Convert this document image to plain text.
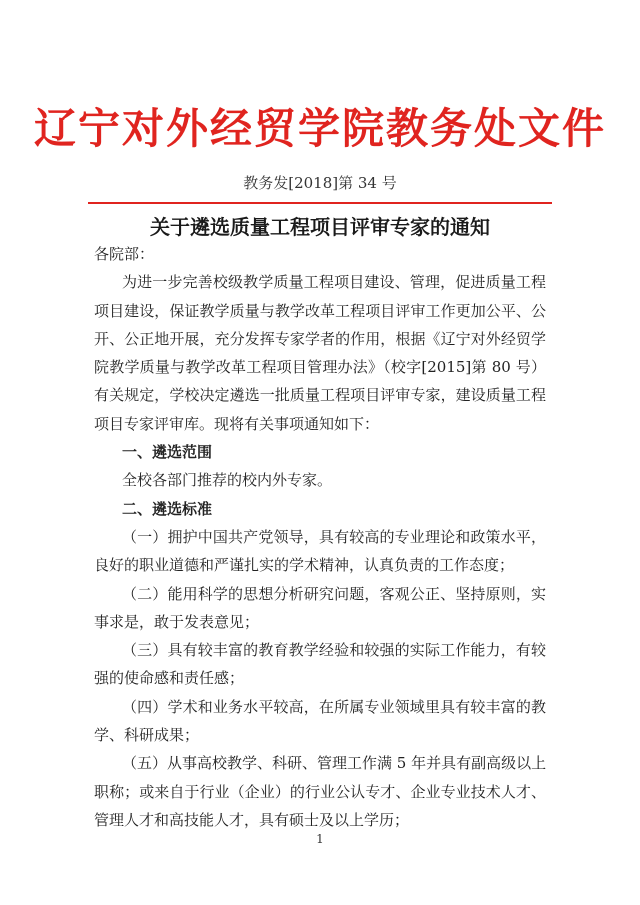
辽宁对外经贸学院教务处文件
教务发[2018]第 34 号
关于遴选质量工程项目评审专家的通知
各院部：
为进一步完善校级教学质量工程项目建设、管理，促进质量工程
项目建设，保证教学质量与教学改革工程项目评审工作更加公平、公
开、公正地开展，充分发挥专家学者的作用，根据《辽宁对外经贸学
院教学质量与教学改革工程项目管理办法》（校字[2015]第 80 号）
有关规定，学校决定遴选一批质量工程项目评审专家，建设质量工程
项目专家评审库。现将有关事项通知如下：
一、遴选范围
全校各部门推荐的校内外专家。
二、遴选标准
（一）拥护中国共产党领导，具有较高的专业理论和政策水平，
良好的职业道德和严谨扎实的学术精神，认真负责的工作态度；
（二）能用科学的思想分析研究问题，客观公正、坚持原则，实
事求是，敢于发表意见；
（三）具有较丰富的教育教学经验和较强的实际工作能力，有较
强的使命感和责任感；
（四）学术和业务水平较高，在所属专业领域里具有较丰富的教
学、科研成果；
（五）从事高校教学、科研、管理工作满 5 年并具有副高级以上
职称；或来自于行业（企业）的行业公认专才、企业专业技术人才、
管理人才和高技能人才，具有硕士及以上学历；
1
